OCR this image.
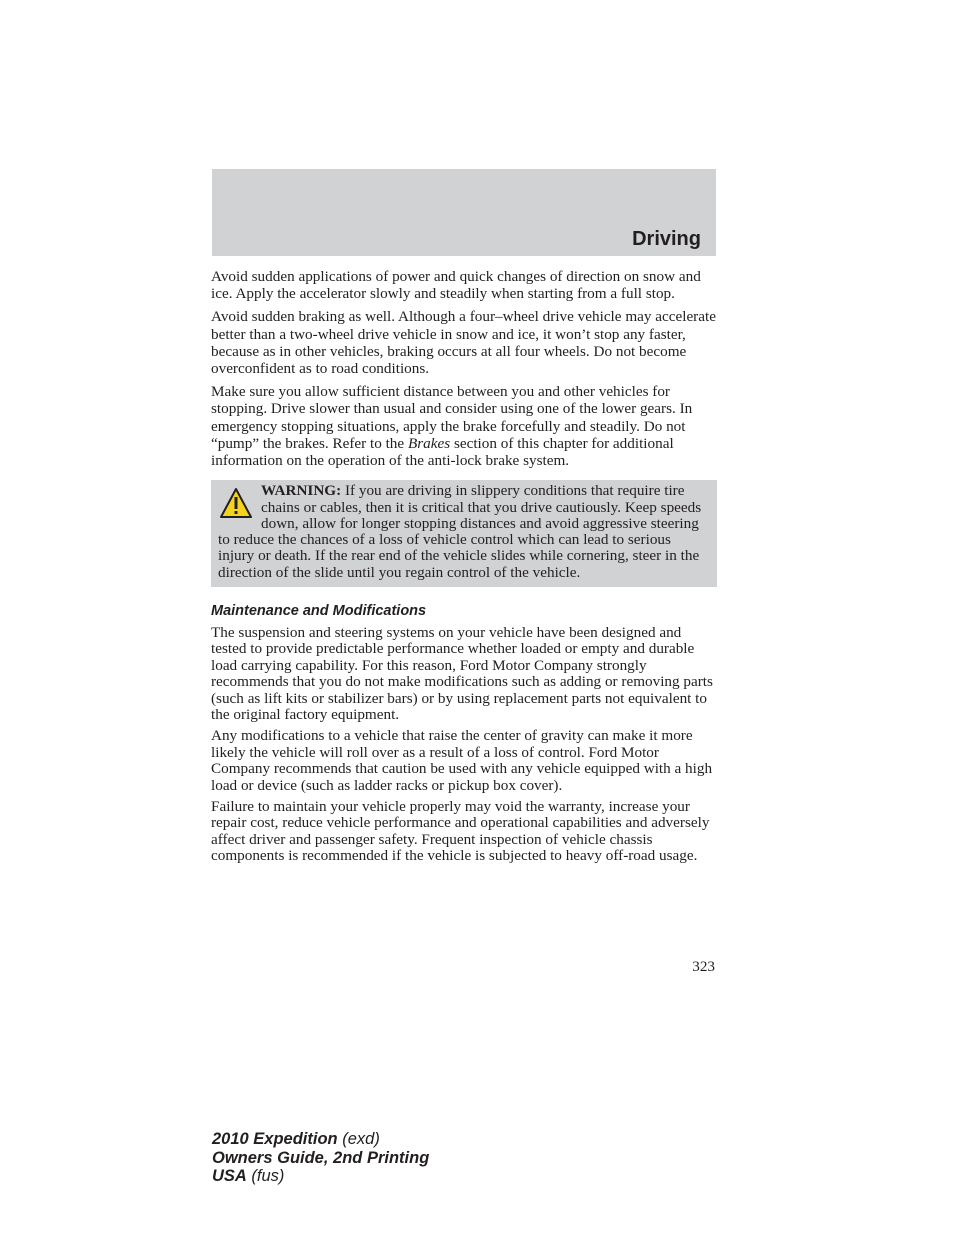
Driving

Avoid sudden applications of power and quick changes of direction on snow and ice. Apply the accelerator slowly and steadily when starting from a full stop.

Avoid sudden braking as well. Although a four–wheel drive vehicle may accelerate better than a two-wheel drive vehicle in snow and ice, it won’t stop any faster, because as in other vehicles, braking occurs at all four wheels. Do not become overconfident as to road conditions.

Make sure you allow sufficient distance between you and other vehicles for stopping. Drive slower than usual and consider using one of the lower gears. In emergency stopping situations, apply the brake forcefully and steadily. Do not “pump” the brakes. Refer to the Brakes section of this chapter for additional information on the operation of the anti-lock brake system.

WARNING: If you are driving in slippery conditions that require tire chains or cables, then it is critical that you drive cautiously. Keep speeds down, allow for longer stopping distances and avoid aggressive steering to reduce the chances of a loss of vehicle control which can lead to serious injury or death. If the rear end of the vehicle slides while cornering, steer in the direction of the slide until you regain control of the vehicle.
Maintenance and Modifications

The suspension and steering systems on your vehicle have been designed and tested to provide predictable performance whether loaded or empty and durable load carrying capability. For this reason, Ford Motor Company strongly recommends that you do not make modifications such as adding or removing parts (such as lift kits or stabilizer bars) or by using replacement parts not equivalent to the original factory equipment.

Any modifications to a vehicle that raise the center of gravity can make it more likely the vehicle will roll over as a result of a loss of control. Ford Motor Company recommends that caution be used with any vehicle equipped with a high load or device (such as ladder racks or pickup box cover).

Failure to maintain your vehicle properly may void the warranty, increase your repair cost, reduce vehicle performance and operational capabilities and adversely affect driver and passenger safety. Frequent inspection of vehicle chassis components is recommended if the vehicle is subjected to heavy off-road usage.

323
2010 Expedition (exd)
Owners Guide, 2nd Printing
USA (fus)
